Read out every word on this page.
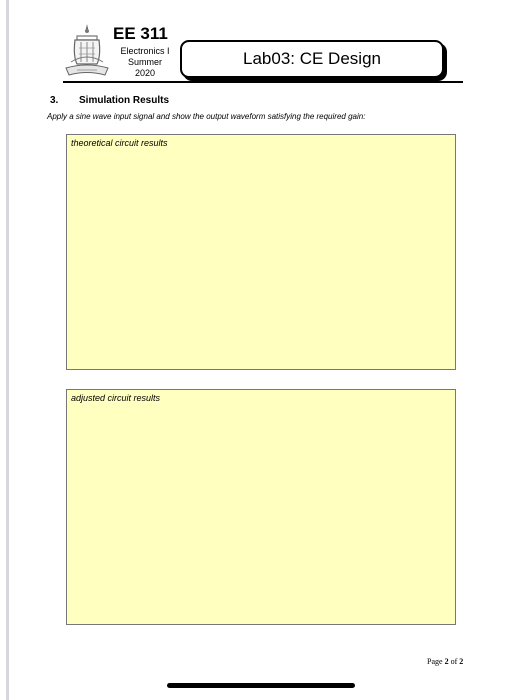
EE 311
Electronics I
Summer
2020
Lab03: CE Design
3. Simulation Results
Apply a sine wave input signal and show the output waveform satisfying the required gain:
theoretical circuit results
adjusted circuit results
Page 2 of 2
